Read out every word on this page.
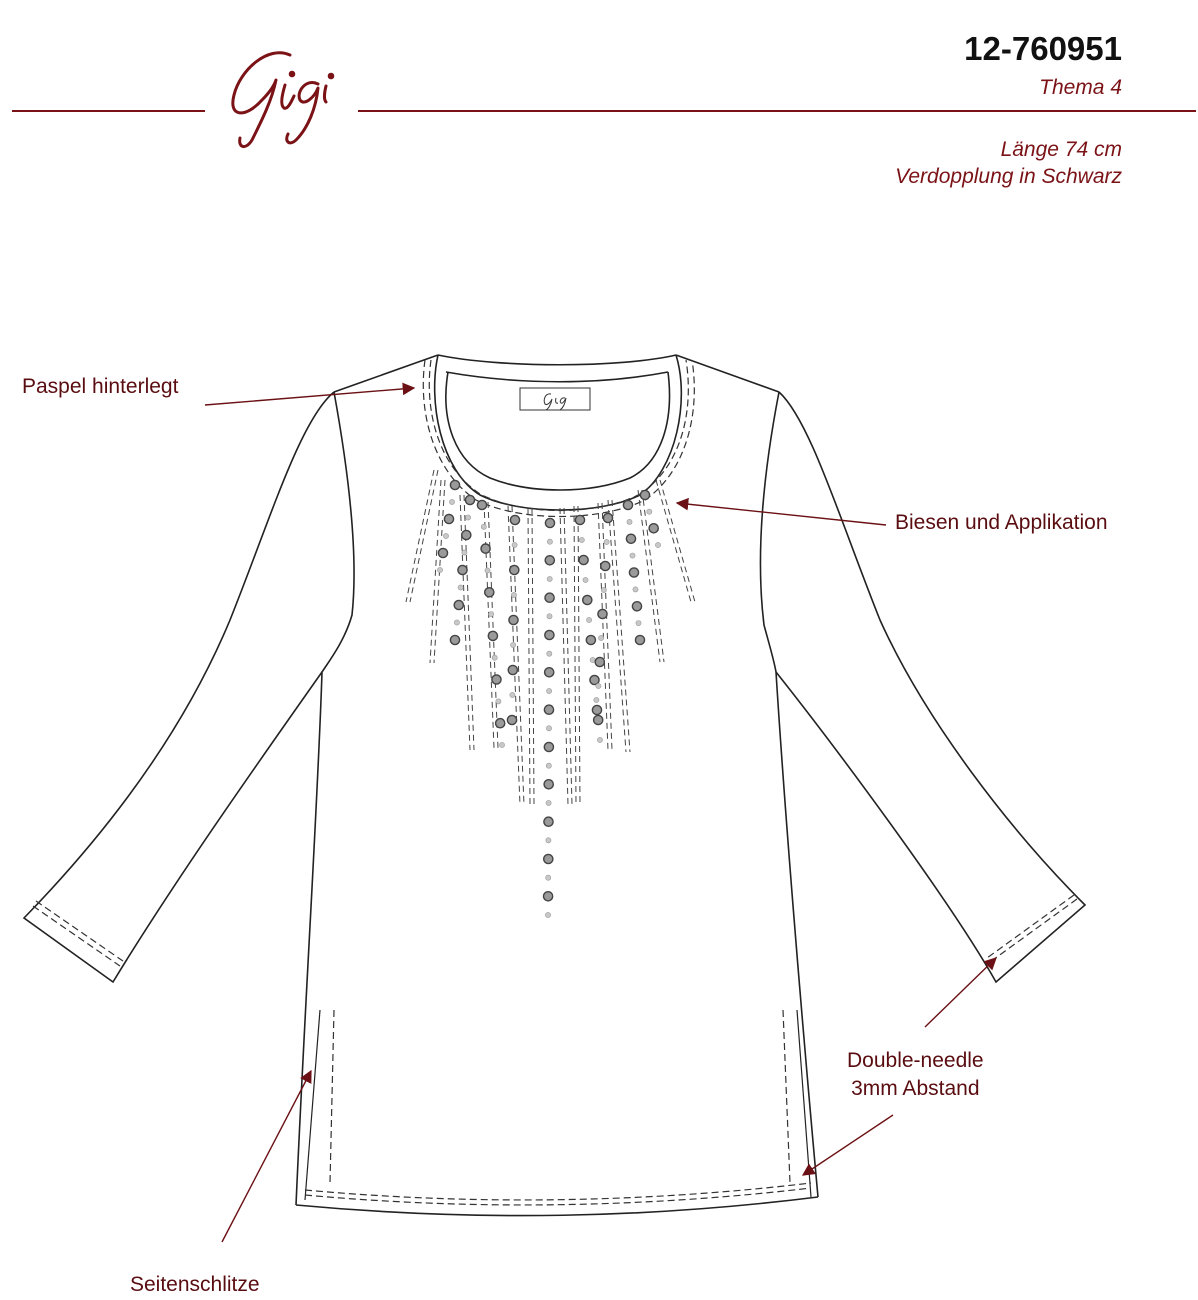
12-760951
Thema 4
Länge 74 cm
Verdopplung in Schwarz
Paspel hinterlegt
Biesen und Applikation
Double-needle
3mm Abstand
Seitenschlitze
